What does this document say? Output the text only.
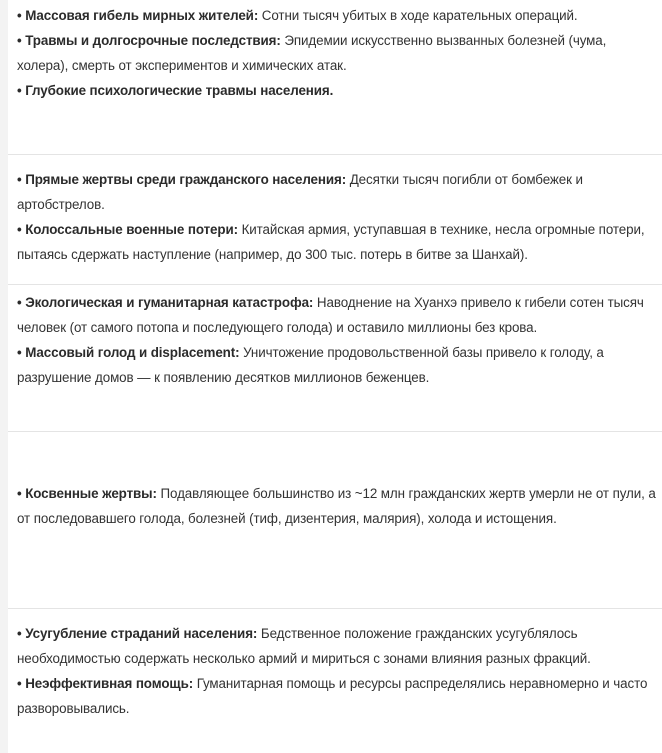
• Массовая гибель мирных жителей: Сотни тысяч убитых в ходе карательных операций.

• Травмы и долгосрочные последствия: Эпидемии искусственно вызванных болезней (чума, холера), смерть от экспериментов и химических атак.

• Глубокие психологические травмы населения.

• Прямые жертвы среди гражданского населения: Десятки тысяч погибли от бомбежек и артобстрелов.

• Колоссальные военные потери: Китайская армия, уступавшая в технике, несла огромные потери, пытаясь сдержать наступление (например, до 300 тыс. потерь в битве за Шанхай).

• Экологическая и гуманитарная катастрофа: Наводнение на Хуанхэ привело к гибели сотен тысяч человек (от самого потопа и последующего голода) и оставило миллионы без крова.

• Массовый голод и displacement: Уничтожение продовольственной базы привело к голоду, а разрушение домов — к появлению десятков миллионов беженцев.

• Косвенные жертвы: Подавляющее большинство из ~12 млн гражданских жертв умерли не от пули, а от последовавшего голода, болезней (тиф, дизентерия, малярия), холода и истощения.

• Усугубление страданий населения: Бедственное положение гражданских усугублялось необходимостью содержать несколько армий и мириться с зонами влияния разных фракций.

• Неэффективная помощь: Гуманитарная помощь и ресурсы распределялись неравномерно и часто разворовывались.
